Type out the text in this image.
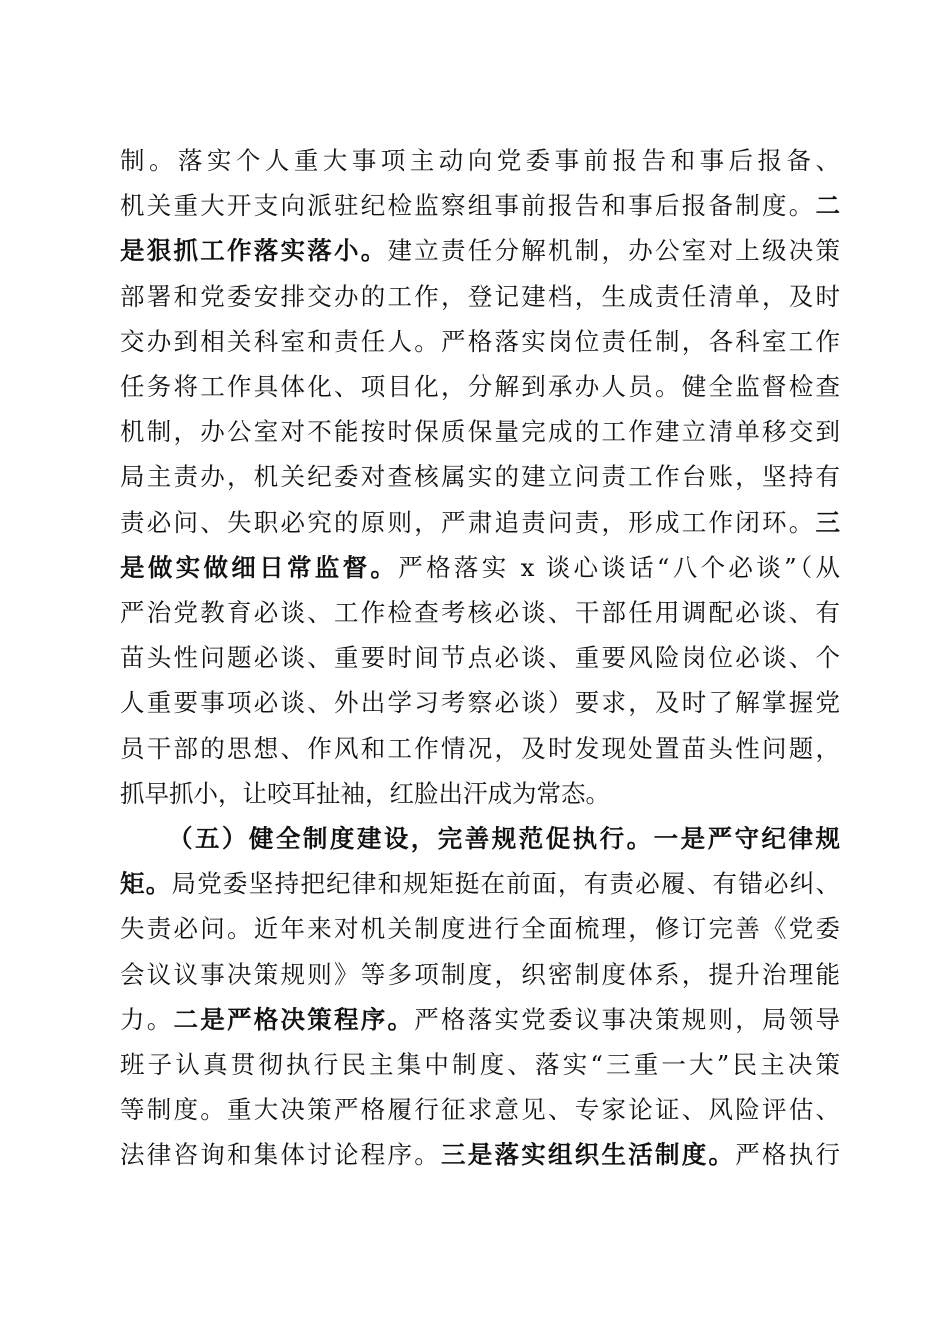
制。落实个人重大事项主动向党委事前报告和事后报备、
机关重大开支向派驻纪检监察组事前报告和事后报备制度。二
是狠抓工作落实落小。建立责任分解机制，办公室对上级决策
部署和党委安排交办的工作，登记建档，生成责任清单，及时
交办到相关科室和责任人。严格落实岗位责任制，各科室工作
任务将工作具体化、项目化，分解到承办人员。健全监督检查
机制，办公室对不能按时保质保量完成的工作建立清单移交到
局主责办，机关纪委对查核属实的建立问责工作台账，坚持有
责必问、失职必究的原则，严肃追责问责，形成工作闭环。三
是做实做细日常监督。严格落实 x 谈心谈话“八个必谈”（从
严治党教育必谈、工作检查考核必谈、干部任用调配必谈、有
苗头性问题必谈、重要时间节点必谈、重要风险岗位必谈、个
人重要事项必谈、外出学习考察必谈）要求，及时了解掌握党
员干部的思想、作风和工作情况，及时发现处置苗头性问题，
抓早抓小，让咬耳扯袖，红脸出汗成为常态。
（五）健全制度建设，完善规范促执行。一是严守纪律规
矩。局党委坚持把纪律和规矩挺在前面，有责必履、有错必纠、
失责必问。近年来对机关制度进行全面梳理，修订完善《党委
会议议事决策规则》等多项制度，织密制度体系，提升治理能
力。二是严格决策程序。严格落实党委议事决策规则，局领导
班子认真贯彻执行民主集中制度、落实“三重一大”民主决策
等制度。重大决策严格履行征求意见、专家论证、风险评估、
法律咨询和集体讨论程序。三是落实组织生活制度。严格执行
